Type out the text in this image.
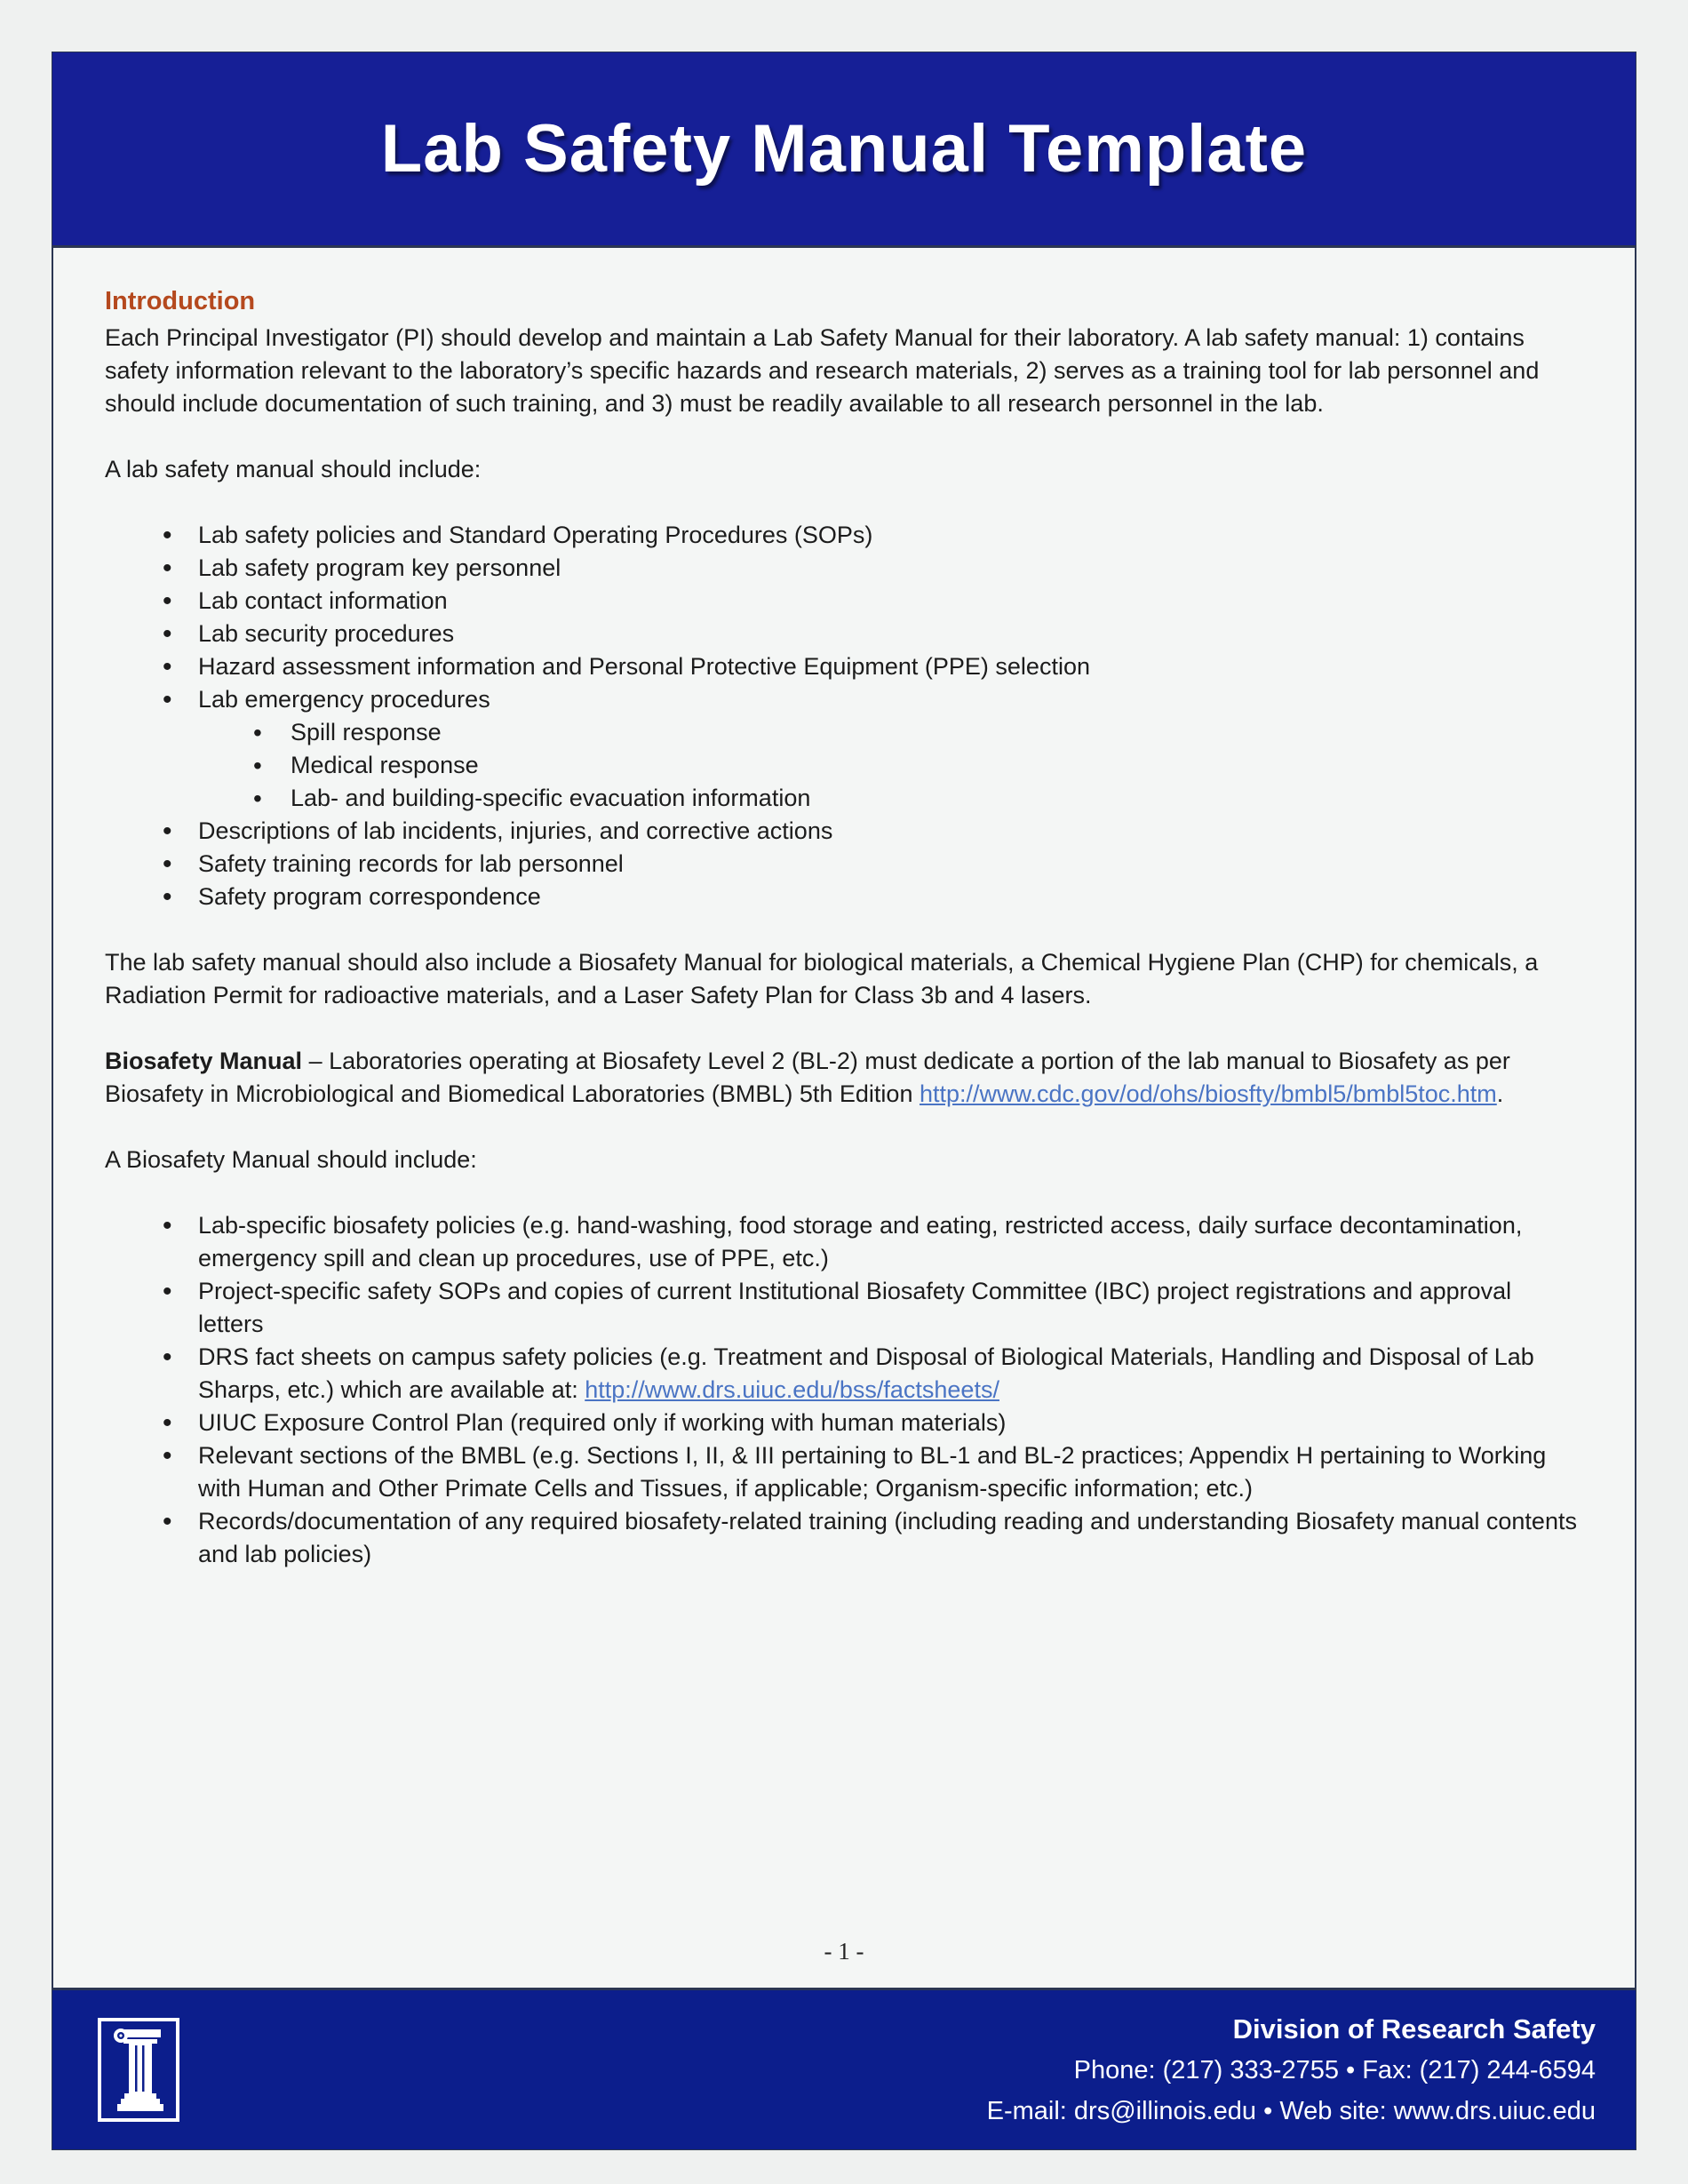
Lab Safety Manual Template
Introduction

Each Principal Investigator (PI) should develop and maintain a Lab Safety Manual for their laboratory. A lab safety manual: 1) contains safety information relevant to the laboratory’s specific hazards and research materials, 2) serves as a training tool for lab personnel and should include documentation of such training, and 3) must be readily available to all research personnel in the lab.

A lab safety manual should include:

• Lab safety policies and Standard Operating Procedures (SOPs)
• Lab safety program key personnel
• Lab contact information
• Lab security procedures
• Hazard assessment information and Personal Protective Equipment (PPE) selection
• Lab emergency procedures
• Spill response
• Medical response
• Lab- and building-specific evacuation information
• Descriptions of lab incidents, injuries, and corrective actions
• Safety training records for lab personnel
• Safety program correspondence

The lab safety manual should also include a Biosafety Manual for biological materials, a Chemical Hygiene Plan (CHP) for chemicals, a Radiation Permit for radioactive materials, and a Laser Safety Plan for Class 3b and 4 lasers.

Biosafety Manual – Laboratories operating at Biosafety Level 2 (BL-2) must dedicate a portion of the lab manual to Biosafety as per Biosafety in Microbiological and Biomedical Laboratories (BMBL) 5th Edition http://www.cdc.gov/od/ohs/biosfty/bmbl5/bmbl5toc.htm.

A Biosafety Manual should include:

• Lab-specific biosafety policies (e.g. hand-washing, food storage and eating, restricted access, daily surface decontamination, emergency spill and clean up procedures, use of PPE, etc.)
• Project-specific safety SOPs and copies of current Institutional Biosafety Committee (IBC) project registrations and approval letters
• DRS fact sheets on campus safety policies (e.g. Treatment and Disposal of Biological Materials, Handling and Disposal of Lab Sharps, etc.) which are available at: http://www.drs.uiuc.edu/bss/factsheets/
• UIUC Exposure Control Plan (required only if working with human materials)
• Relevant sections of the BMBL (e.g. Sections I, II, & III pertaining to BL-1 and BL-2 practices; Appendix H pertaining to Working with Human and Other Primate Cells and Tissues, if applicable; Organism-specific information; etc.)
• Records/documentation of any required biosafety-related training (including reading and understanding Biosafety manual contents and lab policies)
- 1 -
Division of Research Safety
Phone: (217) 333-2755 • Fax: (217) 244-6594
E-mail: drs@illinois.edu • Web site: www.drs.uiuc.edu
